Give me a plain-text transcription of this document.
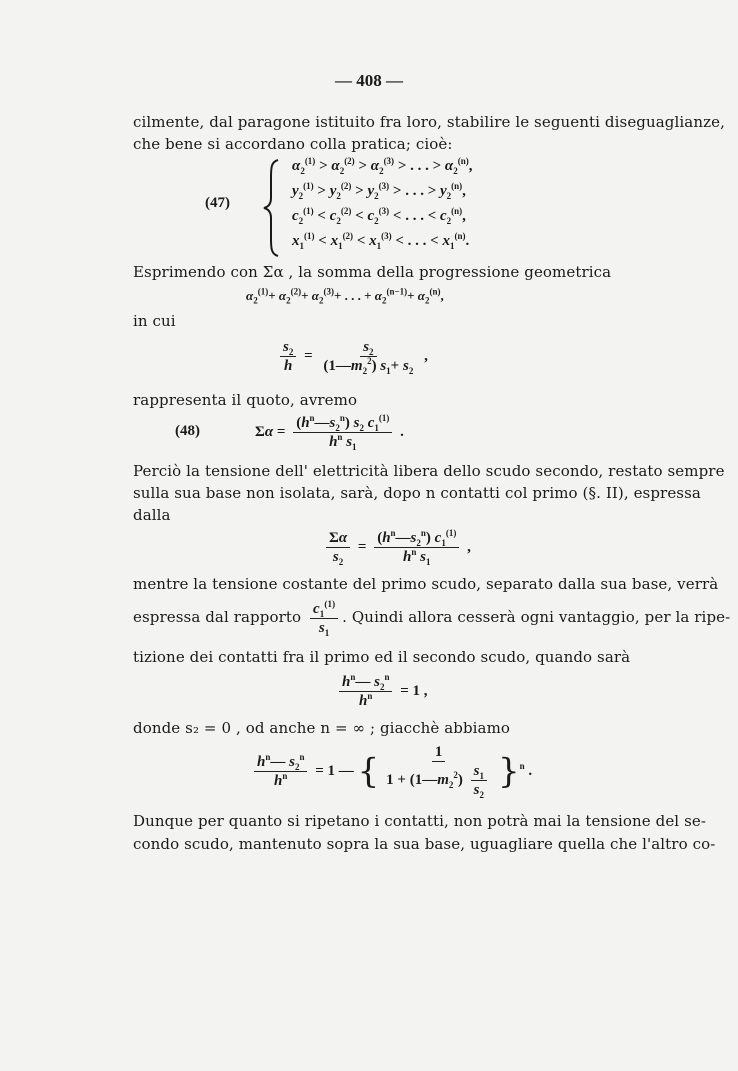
— 408 —
cilmente, dal paragone istituito fra loro, stabilire le seguenti diseguaglianze,
che bene si accordano colla pratica; cioè:
(47)
$\alpha_2^{(1)} > \alpha_2^{(2)} > \alpha_2^{(3)}$ > . . . > $\alpha_2^{(n)}$,
$y_2^{(1)} > y_2^{(2)} > y_2^{(3)}$ > . . . > $y_2^{(n)}$,
$c_2^{(1)} < c_2^{(2)} < c_2^{(3)}$ < . . . < $c_2^{(n)}$,
$x_1^{(1)} < x_1^{(2)} < x_1^{(3)}$ < . . . < $x_1^{(n)}$.
Esprimendo con Σα , la somma della progressione geometrica
$\alpha_2^{(1)}+ \alpha_2^{(2)}+ \alpha_2^{(3)}+$ . . . + $\alpha_2^{(n-1)}+ \alpha_2^{(n)}$,
in cui
$\frac{s_2}{h} = \frac{s_2}{(1—m_2^2) s_1+ s_2}$ ,
rappresenta il quoto, avremo
(48)	$\Sigma\alpha = \frac{(h^n—s_2^n) s_2 c_1^{(1)}}{h^n s_1}$ .
Perciò la tensione dell' elettricità libera dello scudo secondo, restato sempre
sulla sua base non isolata, sarà, dopo n contatti col primo (§. II), espressa
dalla
$\frac{\Sigma\alpha}{s_2} = \frac{(h^n—s_2^n) c_1^{(1)}}{h^n s_1}$ ,
mentre la tensione costante del primo scudo, separato dalla sua base, verrà
espressa dal rapporto $\frac{c_1^{(1)}}{s_1}$ . Quindi allora cesserà ogni vantaggio, per la ripe-
tizione dei contatti fra il primo ed il secondo scudo, quando sarà
$\frac{h^n— s_2^n}{h^n} = 1$ ,
donde s₂ = 0 , od anche n = ∞ ; giacchè abbiamo
$\frac{h^n— s_2^n}{h^n} = 1$ — { $\frac{1}{1 + (1—m_2^2) \frac{s_1}{s_2}} \}^n$ .
Dunque per quanto si ripetano i contatti, non potrà mai la tensione del se-
condo scudo, mantenuto sopra la sua base, uguagliare quella che l'altro co-
